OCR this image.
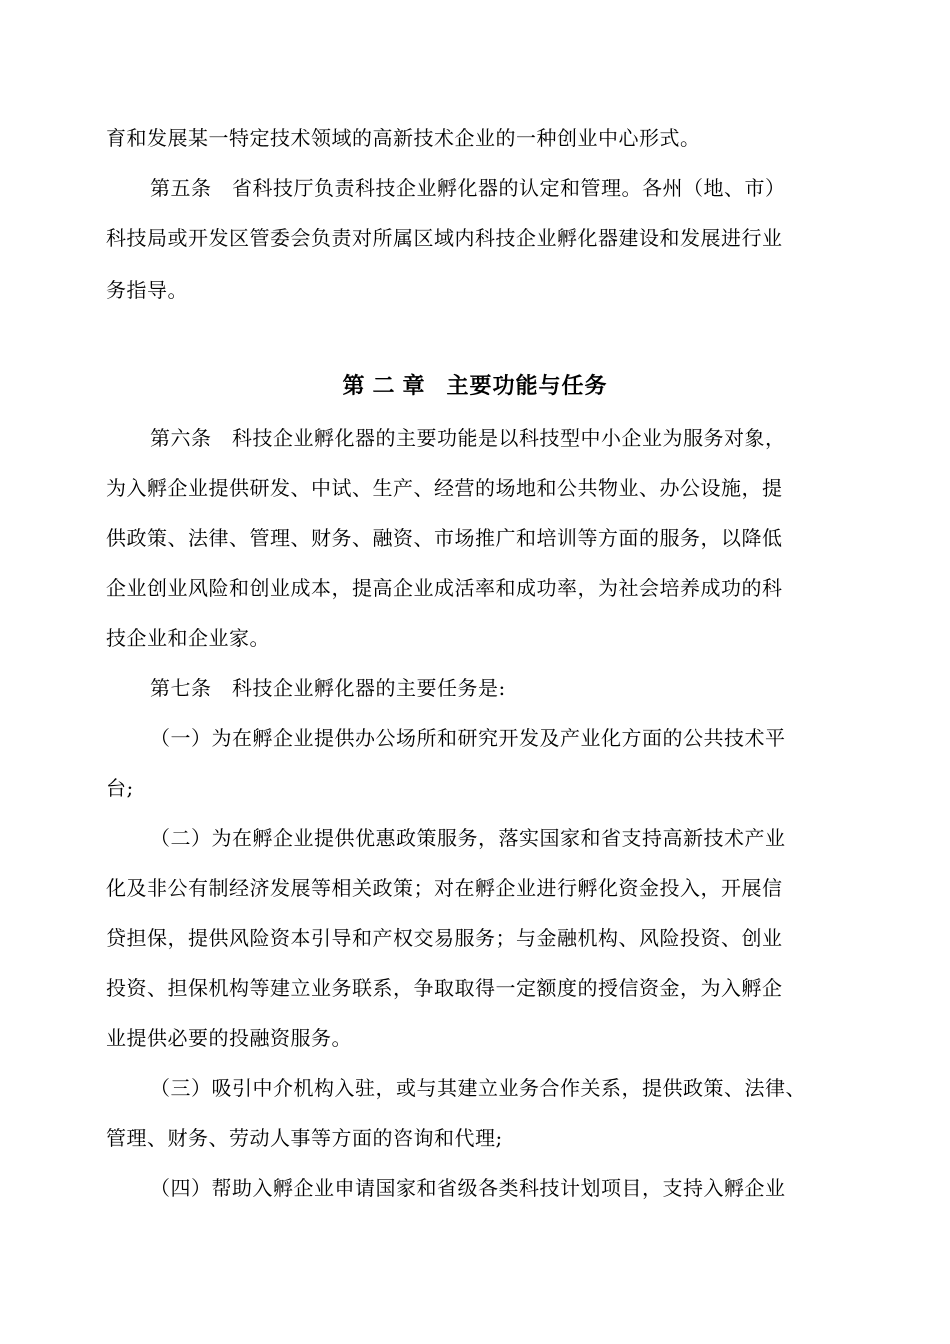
育和发展某一特定技术领域的高新技术企业的一种创业中心形式。
第五条　省科技厅负责科技企业孵化器的认定和管理。各州（地、市）
科技局或开发区管委会负责对所属区域内科技企业孵化器建设和发展进行业
务指导。
第二章 主要功能与任务
第六条　科技企业孵化器的主要功能是以科技型中小企业为服务对象，
为入孵企业提供研发、中试、生产、经营的场地和公共物业、办公设施，提
供政策、法律、管理、财务、融资、市场推广和培训等方面的服务，以降低
企业创业风险和创业成本，提高企业成活率和成功率，为社会培养成功的科
技企业和企业家。
第七条　科技企业孵化器的主要任务是:
（一）为在孵企业提供办公场所和研究开发及产业化方面的公共技术平
台;
（二）为在孵企业提供优惠政策服务，落实国家和省支持高新技术产业
化及非公有制经济发展等相关政策；对在孵企业进行孵化资金投入，开展信
贷担保，提供风险资本引导和产权交易服务；与金融机构、风险投资、创业
投资、担保机构等建立业务联系，争取取得一定额度的授信资金，为入孵企
业提供必要的投融资服务。
（三）吸引中介机构入驻，或与其建立业务合作关系，提供政策、法律、
管理、财务、劳动人事等方面的咨询和代理;
（四）帮助入孵企业申请国家和省级各类科技计划项目，支持入孵企业
